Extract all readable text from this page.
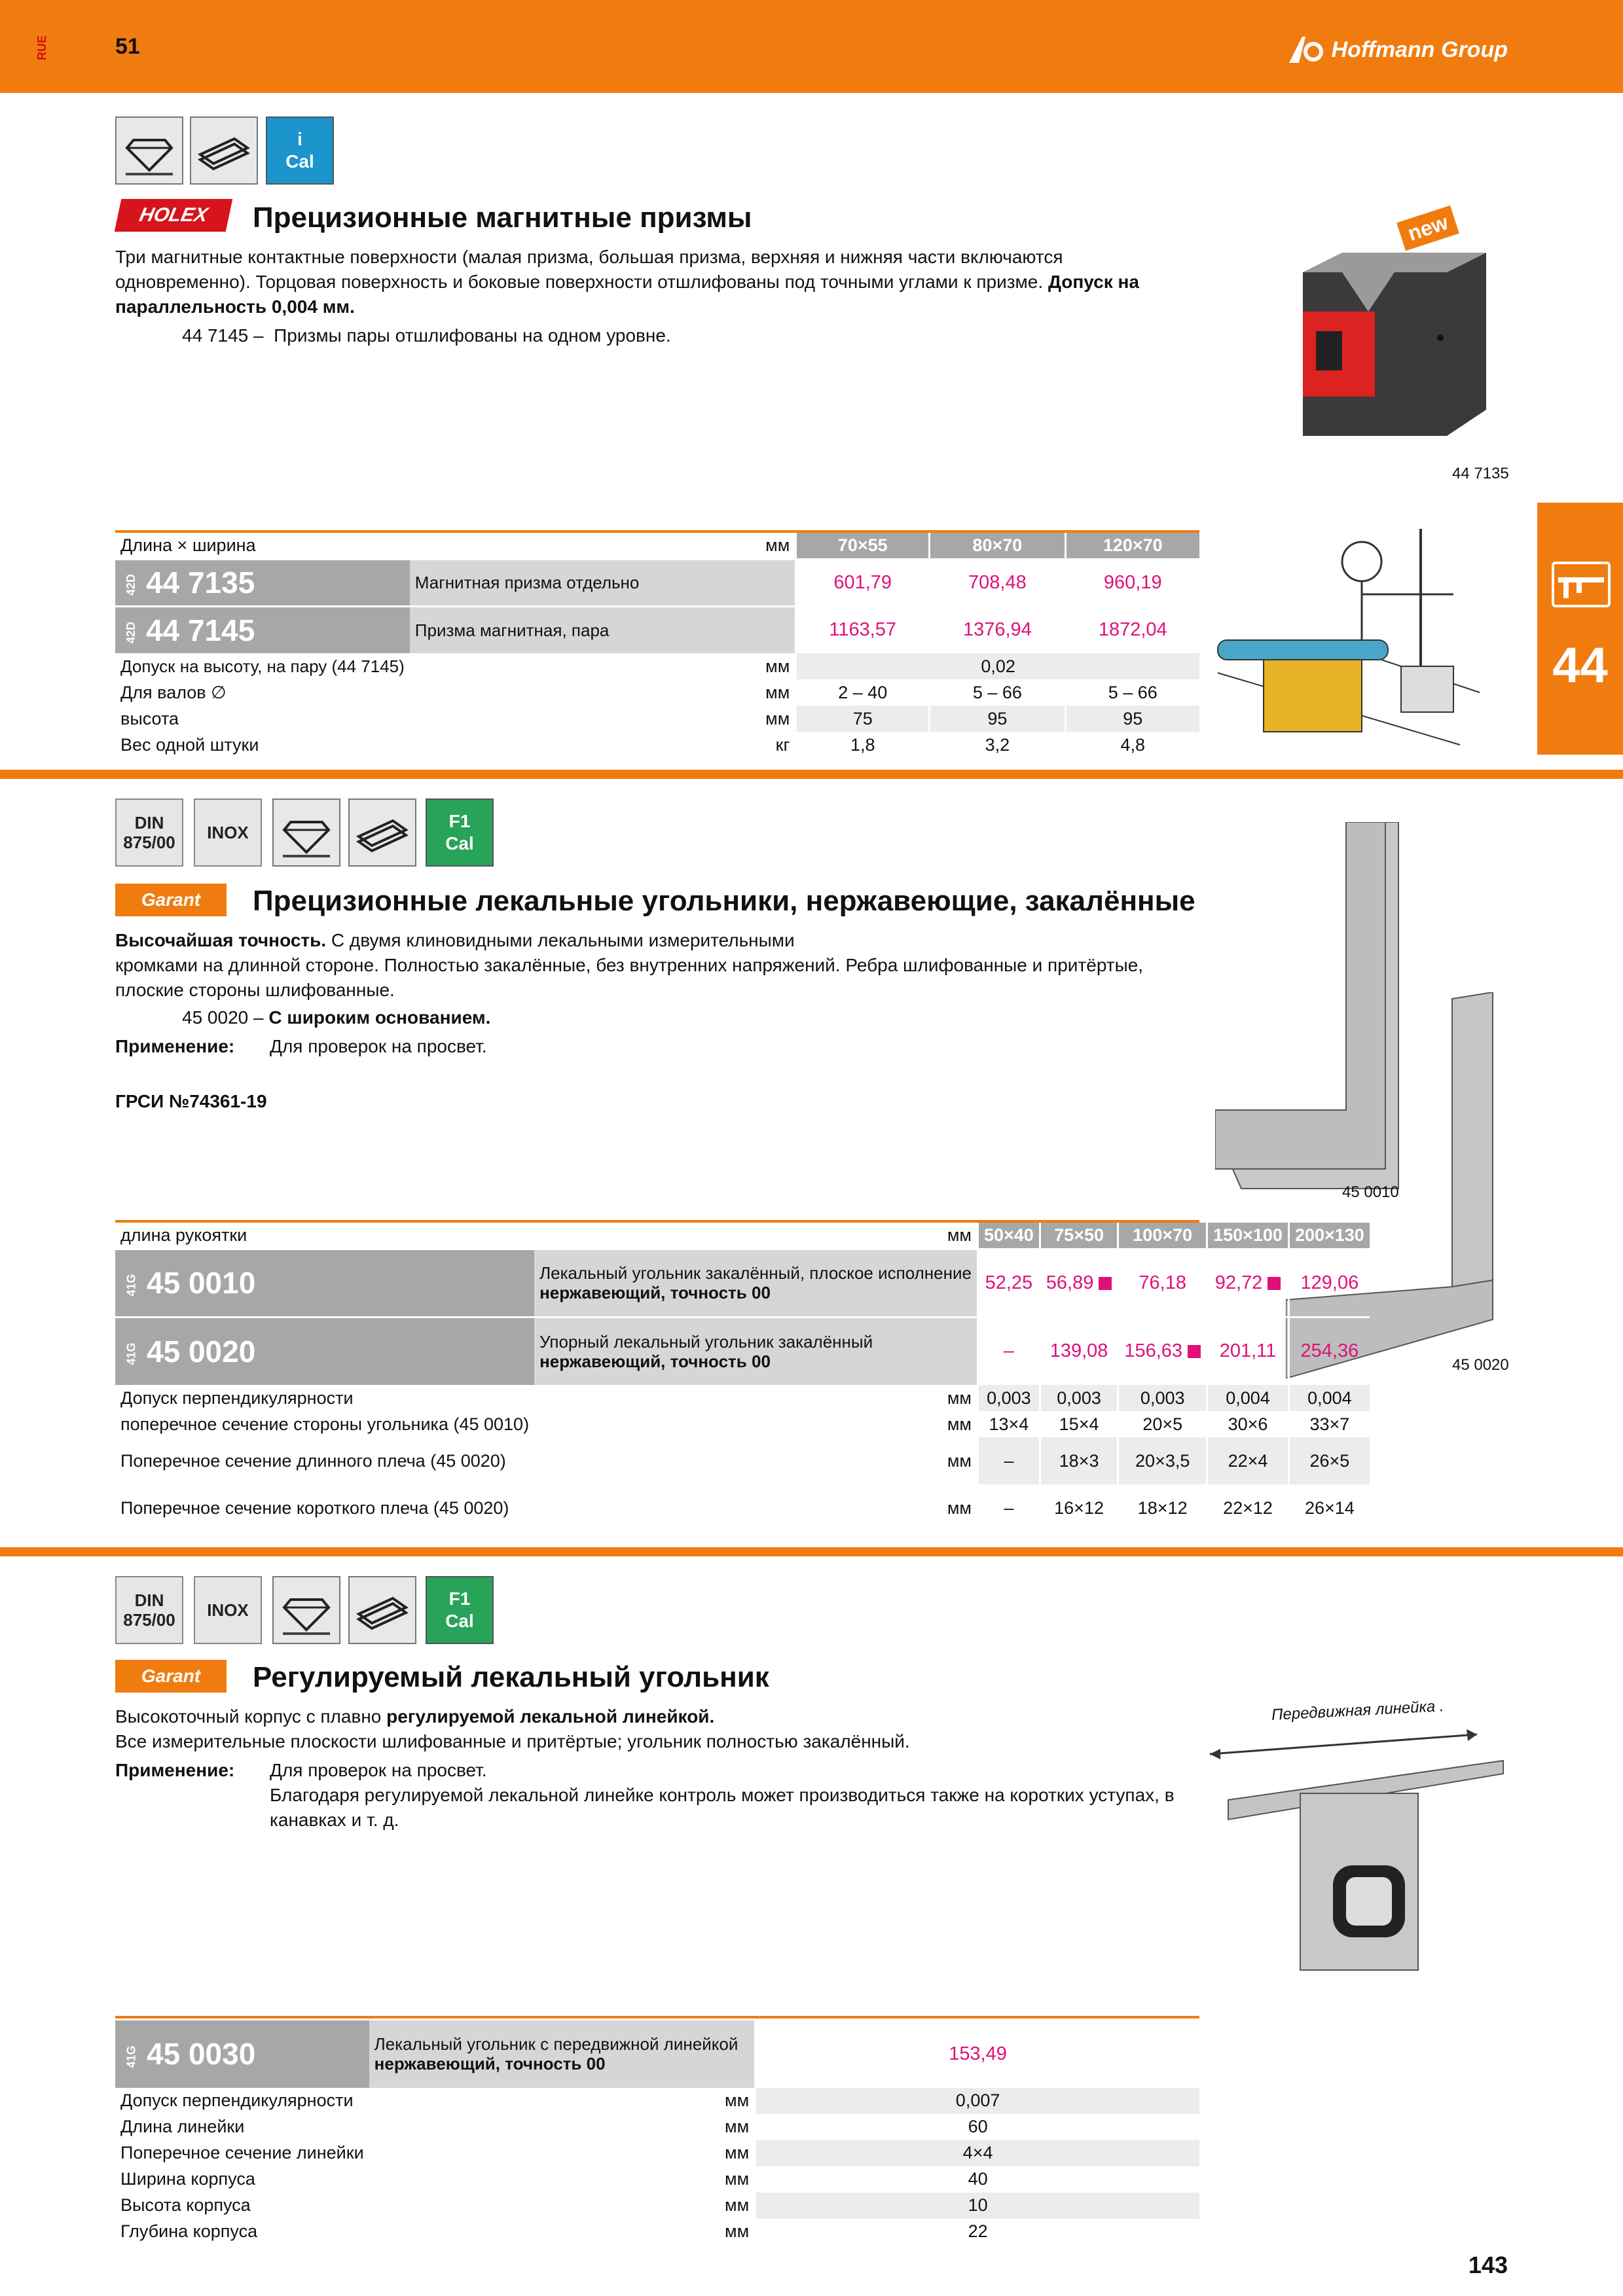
51
RUE	Hoffmann Group
44
i
Cal
HOLEX	Прецизионные магнитные призмы
Три магнитные контактные поверхности (малая призма, большая призма, верхняя и нижняя части включаются одновременно). Торцовая поверхность и боковые поверхности отшлифованы под точными углами к призме. Допуск на параллельность 0,004 мм.
44 7145 – Призмы пары отшлифованы на одном уровне.
new
44 7135
Длина × ширина	мм	70×55	80×70	120×70
42D 44 7135	Магнитная призма отдельно	601,79	708,48	960,19
42D 44 7145	Призма магнитная, пара	1163,57	1376,94	1872,04
Допуск на высоту, на пару (44 7145)	мм	0,02		
Для валов ∅	мм	2 – 40	5 – 66	5 – 66
высота	мм	75	95	95
Вес одной штуки	кг	1,8	3,2	4,8
DIN
875/00	INOX
F1
Cal
Garant	Прецизионные лекальные угольники, нержавеющие, закалённые
Высочайшая точность. С двумя клиновидными лекальными измерительными
кромками на длинной стороне. Полностью закалённые, без внутренних напряжений. Ребра шлифованные и притёртые, плоские стороны шлифованные.
45 0020 – С широким основанием.
Применение: Для проверок на просвет.
ГРСИ №74361-19
45 0010
45 0020
длина рукоятки	мм	50×40	75×50	100×70	150×100	200×130
41G 45 0010	Лекальный угольник закалённый, плоское исполнение
нержавеющий, точность 00	52,25	56,89	76,18	92,72	129,06
41G 45 0020	Упорный лекальный угольник закалённый
нержавеющий, точность 00	–	139,08	156,63	201,11	254,36
Допуск перпендикулярности	мм	0,003	0,003	0,003	0,004	0,004
поперечное сечение стороны угольника (45 0010)	мм	13×4	15×4	20×5	30×6	33×7
Поперечное сечение длинного плеча (45 0020)	мм	–	18×3	20×3,5	22×4	26×5
Поперечное сечение короткого плеча (45 0020)	мм	–	16×12	18×12	22×12	26×14
DIN
875/00	INOX
F1
Cal
Garant	Регулируемый лекальный угольник
Высокоточный корпус с плавно регулируемой лекальной линейкой.
Все измерительные плоскости шлифованные и притёртые; угольник полностью закалённый.
Применение: Для проверок на просвет.
Благодаря регулируемой лекальной линейке контроль может производиться также на коротких уступах, в канавках и т. д.
Передвижная линейка .
41G 45 0030	Лекальный угольник с передвижной линейкой
нержавеющий, точность 00	153,49
Допуск перпендикулярности	мм	0,007
Длина линейки	мм	60
Поперечное сечение линейки	мм	4×4
Ширина корпуса	мм	40
Высота корпуса	мм	10
Глубина корпуса	мм	22
143
